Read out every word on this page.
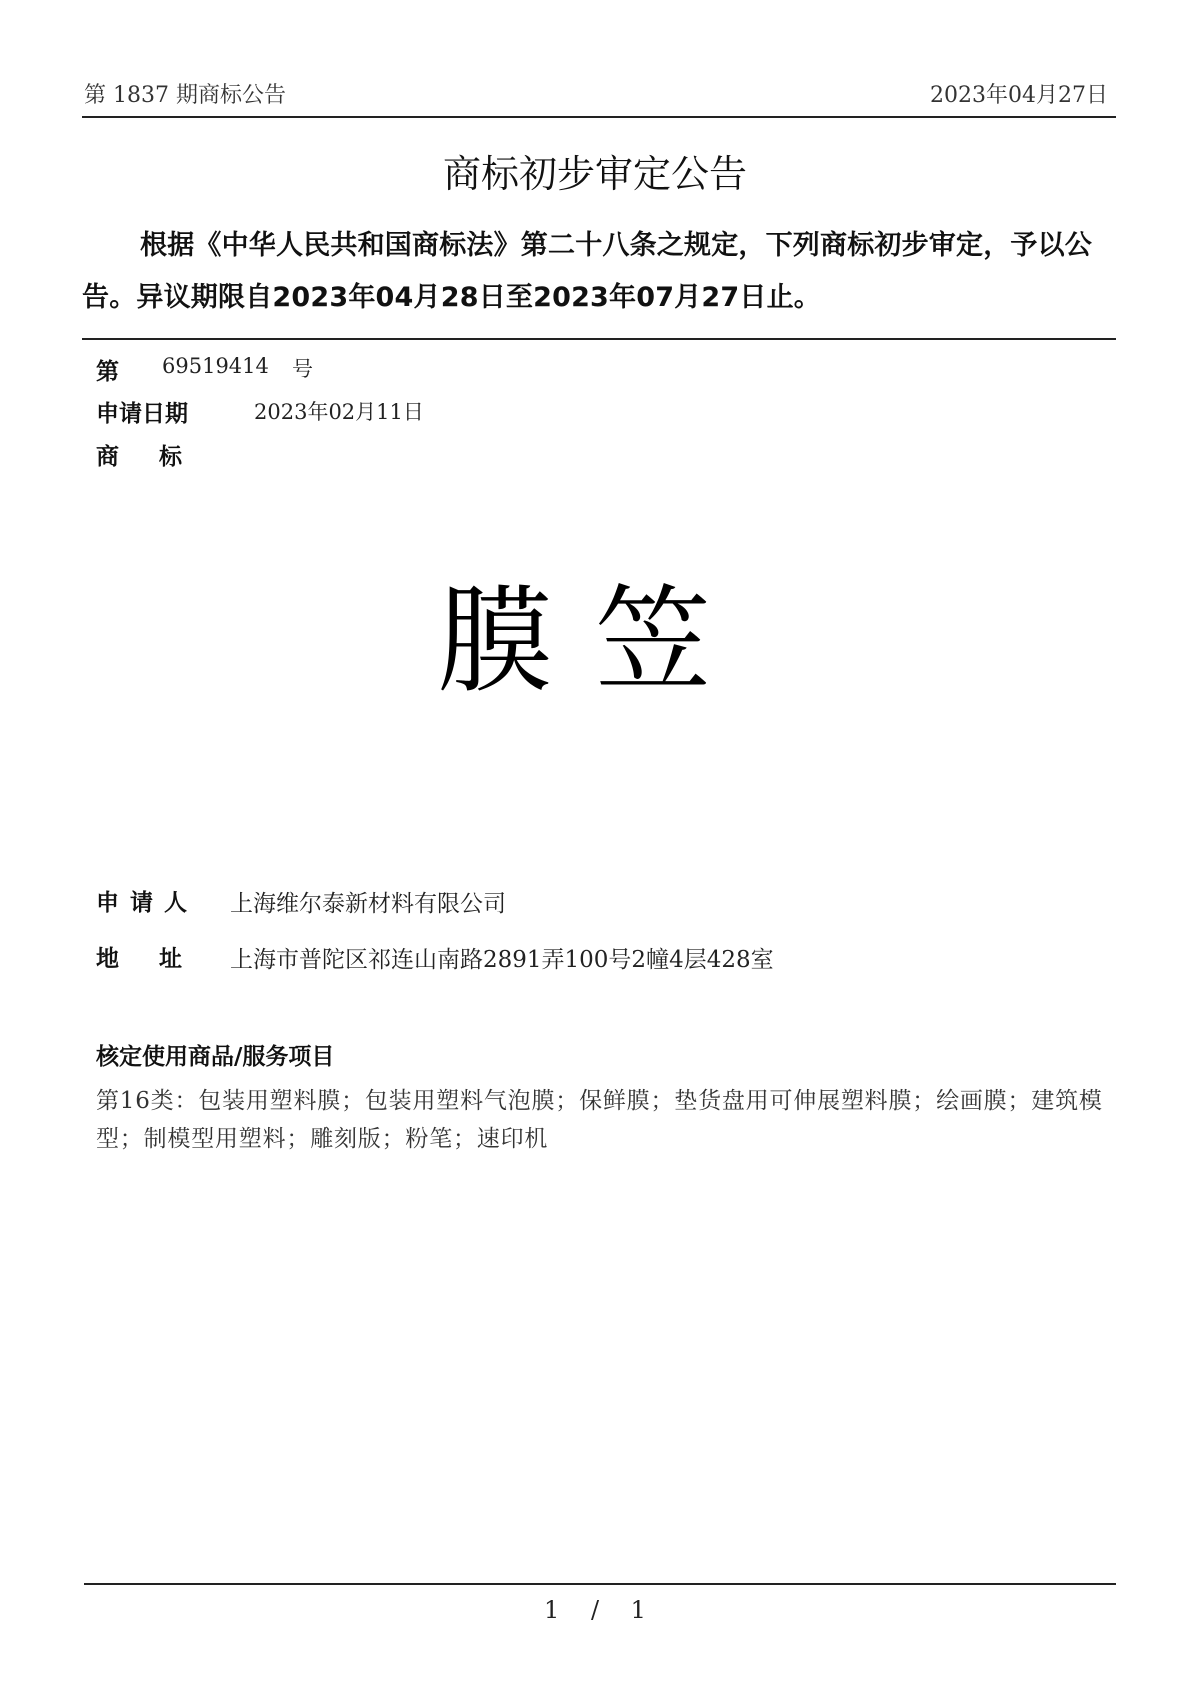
第 1837 期商标公告	2023年04月27日
商标初步审定公告

根据《中华人民共和国商标法》第二十八条之规定，下列商标初步审定，予以公告。异议期限自2023年04月28日至2023年07月27日止。

第 69519414 号
申请日期	2023年02月11日
商标
膜笠
申请人 上海维尔泰新材料有限公司
地址 上海市普陀区祁连山南路2891弄100号2幢4层428室
核定使用商品/服务项目
第16类：包装用塑料膜；包装用塑料气泡膜；保鲜膜；垫货盘用可伸展塑料膜；绘画膜；建筑模型；制模型用塑料；雕刻版；粉笔；速印机
1 / 1
